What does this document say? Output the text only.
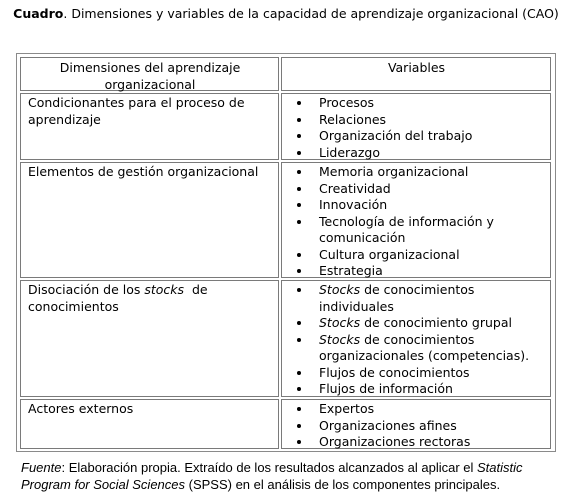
Cuadro. Dimensiones y variables de la capacidad de aprendizaje organizacional (CAO)
Dimensiones del aprendizaje organizacional
Variables
Condicionantes para el proceso de aprendizaje
Procesos
Relaciones
Organización del trabajo
Liderazgo
Elementos de gestión organizacional	Memoria organizacional
Creatividad
Innovación
Tecnología de información y comunicación
Cultura organizacional
Estrategia
Disociación de los stocks  de conocimientos
Stocks de conocimientos individuales
Stocks de conocimiento grupal
Stocks de conocimientos organizacionales (competencias).
Flujos de conocimientos
Flujos de información
Actores externos	Expertos
Organizaciones afines
Organizaciones rectoras
Fuente: Elaboración propia. Extraído de los resultados alcanzados al aplicar el Statistic Program for Social Sciences (SPSS) en el análisis de los componentes principales.
